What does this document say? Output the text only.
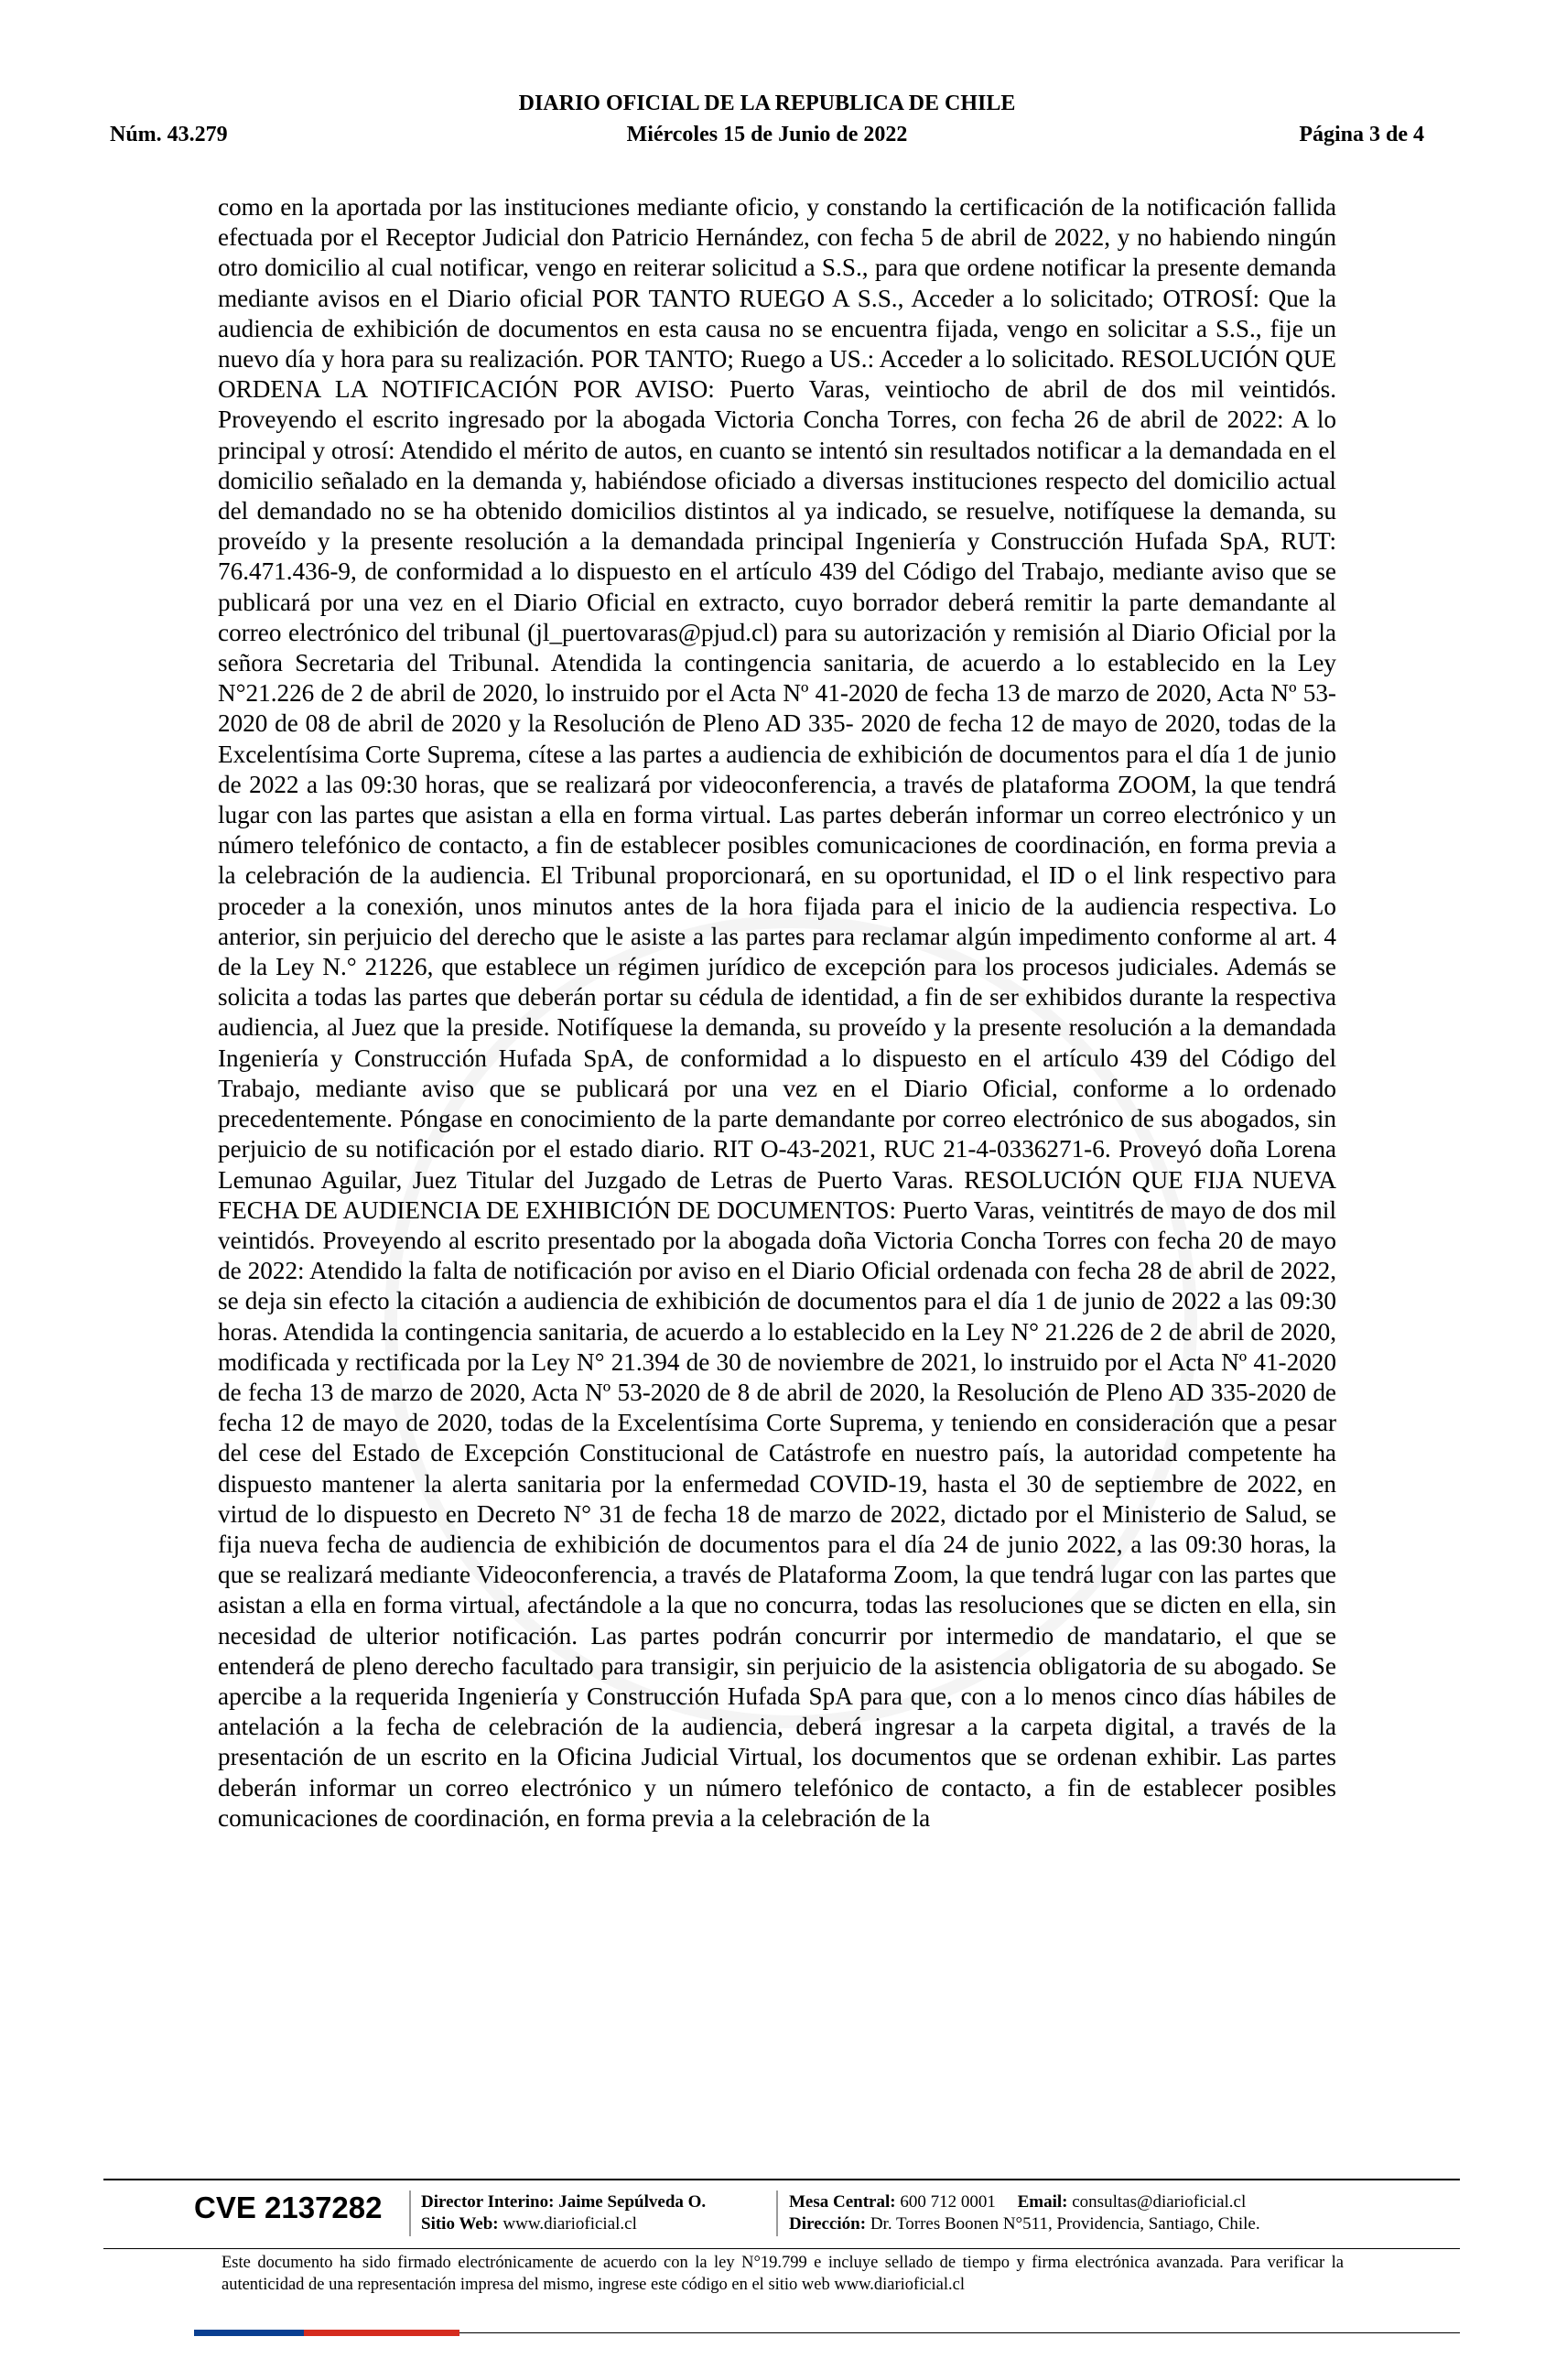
DIARIO OFICIAL DE LA REPUBLICA DE CHILE
Núm. 43.279	Miércoles 15 de Junio de 2022	Página 3 de 4

como en la aportada por las instituciones mediante oficio, y constando la certificación de la notificación fallida efectuada por el Receptor Judicial don Patricio Hernández, con fecha 5 de abril de 2022, y no habiendo ningún otro domicilio al cual notificar, vengo en reiterar solicitud a S.S., para que ordene notificar la presente demanda mediante avisos en el Diario oficial POR TANTO RUEGO A S.S., Acceder a lo solicitado; OTROSÍ: Que la audiencia de exhibición de documentos en esta causa no se encuentra fijada, vengo en solicitar a S.S., fije un nuevo día y hora para su realización. POR TANTO; Ruego a US.: Acceder a lo solicitado. RESOLUCIÓN QUE ORDENA LA NOTIFICACIÓN POR AVISO: Puerto Varas, veintiocho de abril de dos mil veintidós. Proveyendo el escrito ingresado por la abogada Victoria Concha Torres, con fecha 26 de abril de 2022: A lo principal y otrosí: Atendido el mérito de autos, en cuanto se intentó sin resultados notificar a la demandada en el domicilio señalado en la demanda y, habiéndose oficiado a diversas instituciones respecto del domicilio actual del demandado no se ha obtenido domicilios distintos al ya indicado, se resuelve, notifíquese la demanda, su proveído y la presente resolución a la demandada principal Ingeniería y Construcción Hufada SpA, RUT: 76.471.436-9, de conformidad a lo dispuesto en el artículo 439 del Código del Trabajo, mediante aviso que se publicará por una vez en el Diario Oficial en extracto, cuyo borrador deberá remitir la parte demandante al correo electrónico del tribunal (jl_puertovaras@pjud.cl) para su autorización y remisión al Diario Oficial por la señora Secretaria del Tribunal. Atendida la contingencia sanitaria, de acuerdo a lo establecido en la Ley N°21.226 de 2 de abril de 2020, lo instruido por el Acta Nº 41-2020 de fecha 13 de marzo de 2020, Acta Nº 53-2020 de 08 de abril de 2020 y la Resolución de Pleno AD 335- 2020 de fecha 12 de mayo de 2020, todas de la Excelentísima Corte Suprema, cítese a las partes a audiencia de exhibición de documentos para el día 1 de junio de 2022 a las 09:30 horas, que se realizará por videoconferencia, a través de plataforma ZOOM, la que tendrá lugar con las partes que asistan a ella en forma virtual. Las partes deberán informar un correo electrónico y un número telefónico de contacto, a fin de establecer posibles comunicaciones de coordinación, en forma previa a la celebración de la audiencia. El Tribunal proporcionará, en su oportunidad, el ID o el link respectivo para proceder a la conexión, unos minutos antes de la hora fijada para el inicio de la audiencia respectiva. Lo anterior, sin perjuicio del derecho que le asiste a las partes para reclamar algún impedimento conforme al art. 4 de la Ley N.° 21226, que establece un régimen jurídico de excepción para los procesos judiciales. Además se solicita a todas las partes que deberán portar su cédula de identidad, a fin de ser exhibidos durante la respectiva audiencia, al Juez que la preside. Notifíquese la demanda, su proveído y la presente resolución a la demandada Ingeniería y Construcción Hufada SpA, de conformidad a lo dispuesto en el artículo 439 del Código del Trabajo, mediante aviso que se publicará por una vez en el Diario Oficial, conforme a lo ordenado precedentemente. Póngase en conocimiento de la parte demandante por correo electrónico de sus abogados, sin perjuicio de su notificación por el estado diario. RIT O-43-2021, RUC 21-4-0336271-6. Proveyó doña Lorena Lemunao Aguilar, Juez Titular del Juzgado de Letras de Puerto Varas. RESOLUCIÓN QUE FIJA NUEVA FECHA DE AUDIENCIA DE EXHIBICIÓN DE DOCUMENTOS: Puerto Varas, veintitrés de mayo de dos mil veintidós. Proveyendo al escrito presentado por la abogada doña Victoria Concha Torres con fecha 20 de mayo de 2022: Atendido la falta de notificación por aviso en el Diario Oficial ordenada con fecha 28 de abril de 2022, se deja sin efecto la citación a audiencia de exhibición de documentos para el día 1 de junio de 2022 a las 09:30 horas. Atendida la contingencia sanitaria, de acuerdo a lo establecido en la Ley N° 21.226 de 2 de abril de 2020, modificada y rectificada por la Ley N° 21.394 de 30 de noviembre de 2021, lo instruido por el Acta Nº 41-2020 de fecha 13 de marzo de 2020, Acta Nº 53-2020 de 8 de abril de 2020, la Resolución de Pleno AD 335-2020 de fecha 12 de mayo de 2020, todas de la Excelentísima Corte Suprema, y teniendo en consideración que a pesar del cese del Estado de Excepción Constitucional de Catástrofe en nuestro país, la autoridad competente ha dispuesto mantener la alerta sanitaria por la enfermedad COVID-19, hasta el 30 de septiembre de 2022, en virtud de lo dispuesto en Decreto N° 31 de fecha 18 de marzo de 2022, dictado por el Ministerio de Salud, se fija nueva fecha de audiencia de exhibición de documentos para el día 24 de junio 2022, a las 09:30 horas, la que se realizará mediante Videoconferencia, a través de Plataforma Zoom, la que tendrá lugar con las partes que asistan a ella en forma virtual, afectándole a la que no concurra, todas las resoluciones que se dicten en ella, sin necesidad de ulterior notificación. Las partes podrán concurrir por intermedio de mandatario, el que se entenderá de pleno derecho facultado para transigir, sin perjuicio de la asistencia obligatoria de su abogado. Se apercibe a la requerida Ingeniería y Construcción Hufada SpA para que, con a lo menos cinco días hábiles de antelación a la fecha de celebración de la audiencia, deberá ingresar a la carpeta digital, a través de la presentación de un escrito en la Oficina Judicial Virtual, los documentos que se ordenan exhibir. Las partes deberán informar un correo electrónico y un número telefónico de contacto, a fin de establecer posibles comunicaciones de coordinación, en forma previa a la celebración de la

CVE 2137282 Director Interino: Jaime Sepúlveda O.
Sitio Web: www.diarioficial.cl
Mesa Central: 600 712 0001 Email: consultas@diarioficial.cl
Dirección: Dr. Torres Boonen N°511, Providencia, Santiago, Chile.
Este documento ha sido firmado electrónicamente de acuerdo con la ley N°19.799 e incluye sellado de tiempo y firma electrónica avanzada. Para verificar la autenticidad de una representación impresa del mismo, ingrese este código en el sitio web www.diarioficial.cl
